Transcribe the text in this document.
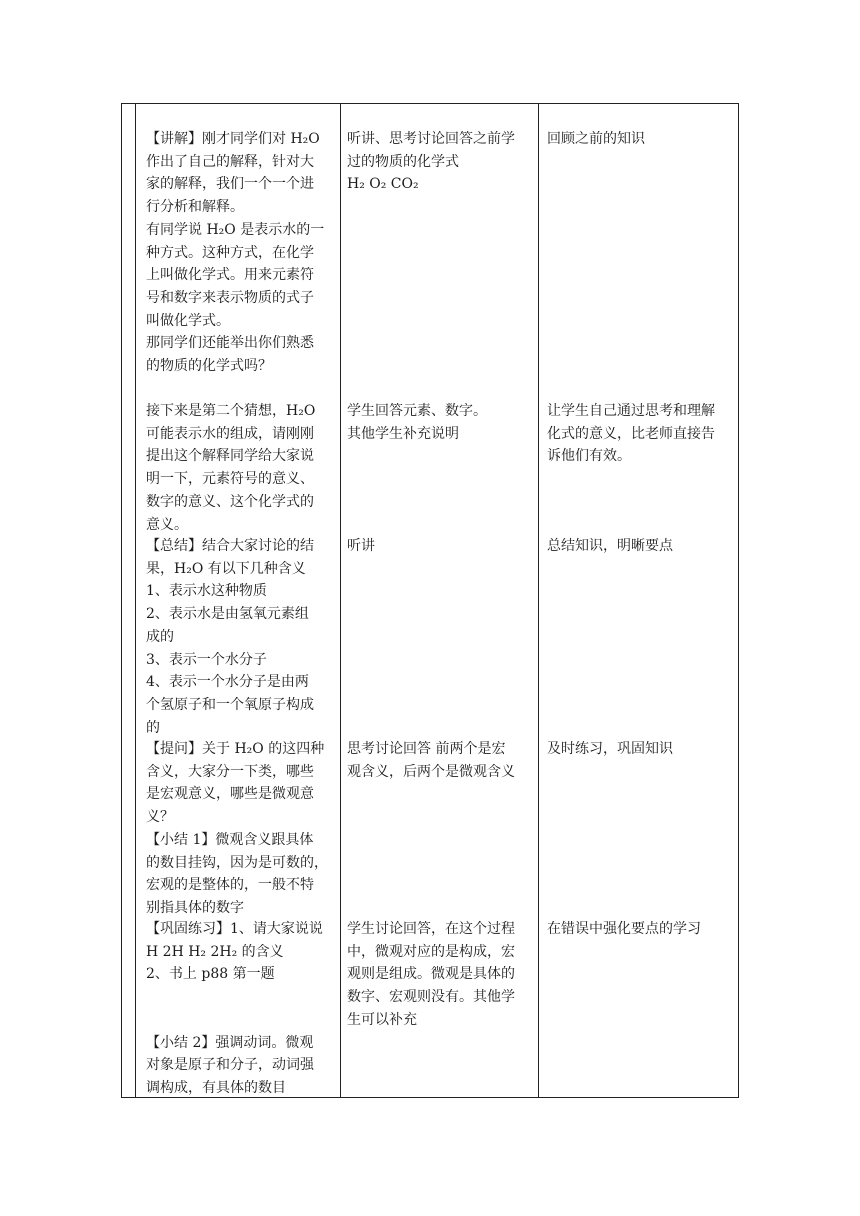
【讲解】刚才同学们对 H₂O
作出了自己的解释，针对大
家的解释，我们一个一个进
行分析和解释。
有同学说 H₂O 是表示水的一
种方式。这种方式，在化学
上叫做化学式。用来元素符
号和数字来表示物质的式子
叫做化学式。
那同学们还能举出你们熟悉
的物质的化学式吗？
听讲、思考讨论回答之前学
过的物质的化学式
H₂ O₂ CO₂
回顾之前的知识
接下来是第二个猜想，H₂O
可能表示水的组成，请刚刚
提出这个解释同学给大家说
明一下，元素符号的意义、
数字的意义、这个化学式的
意义。
学生回答元素、数字。
其他学生补充说明
让学生自己通过思考和理解
化式的意义，比老师直接告
诉他们有效。
【总结】结合大家讨论的结
果，H₂O 有以下几种含义
1、表示水这种物质
2、表示水是由氢氧元素组
成的
3、表示一个水分子
4、表示一个水分子是由两
个氢原子和一个氧原子构成
的
听讲	总结知识，明晰要点
【提问】关于 H₂O 的这四种
含义，大家分一下类，哪些
是宏观意义，哪些是微观意
义？
【小结 1】微观含义跟具体
的数目挂钩，因为是可数的，
宏观的是整体的，一般不特
别指具体的数字
思考讨论回答 前两个是宏
观含义，后两个是微观含义
及时练习，巩固知识
【巩固练习】1、请大家说说
H 2H H₂ 2H₂ 的含义
2、书上 p88 第一题

【小结 2】强调动词。微观
对象是原子和分子，动词强
调构成，有具体的数目
学生讨论回答，在这个过程
中，微观对应的是构成，宏
观则是组成。微观是具体的
数字、宏观则没有。其他学
生可以补充
在错误中强化要点的学习
